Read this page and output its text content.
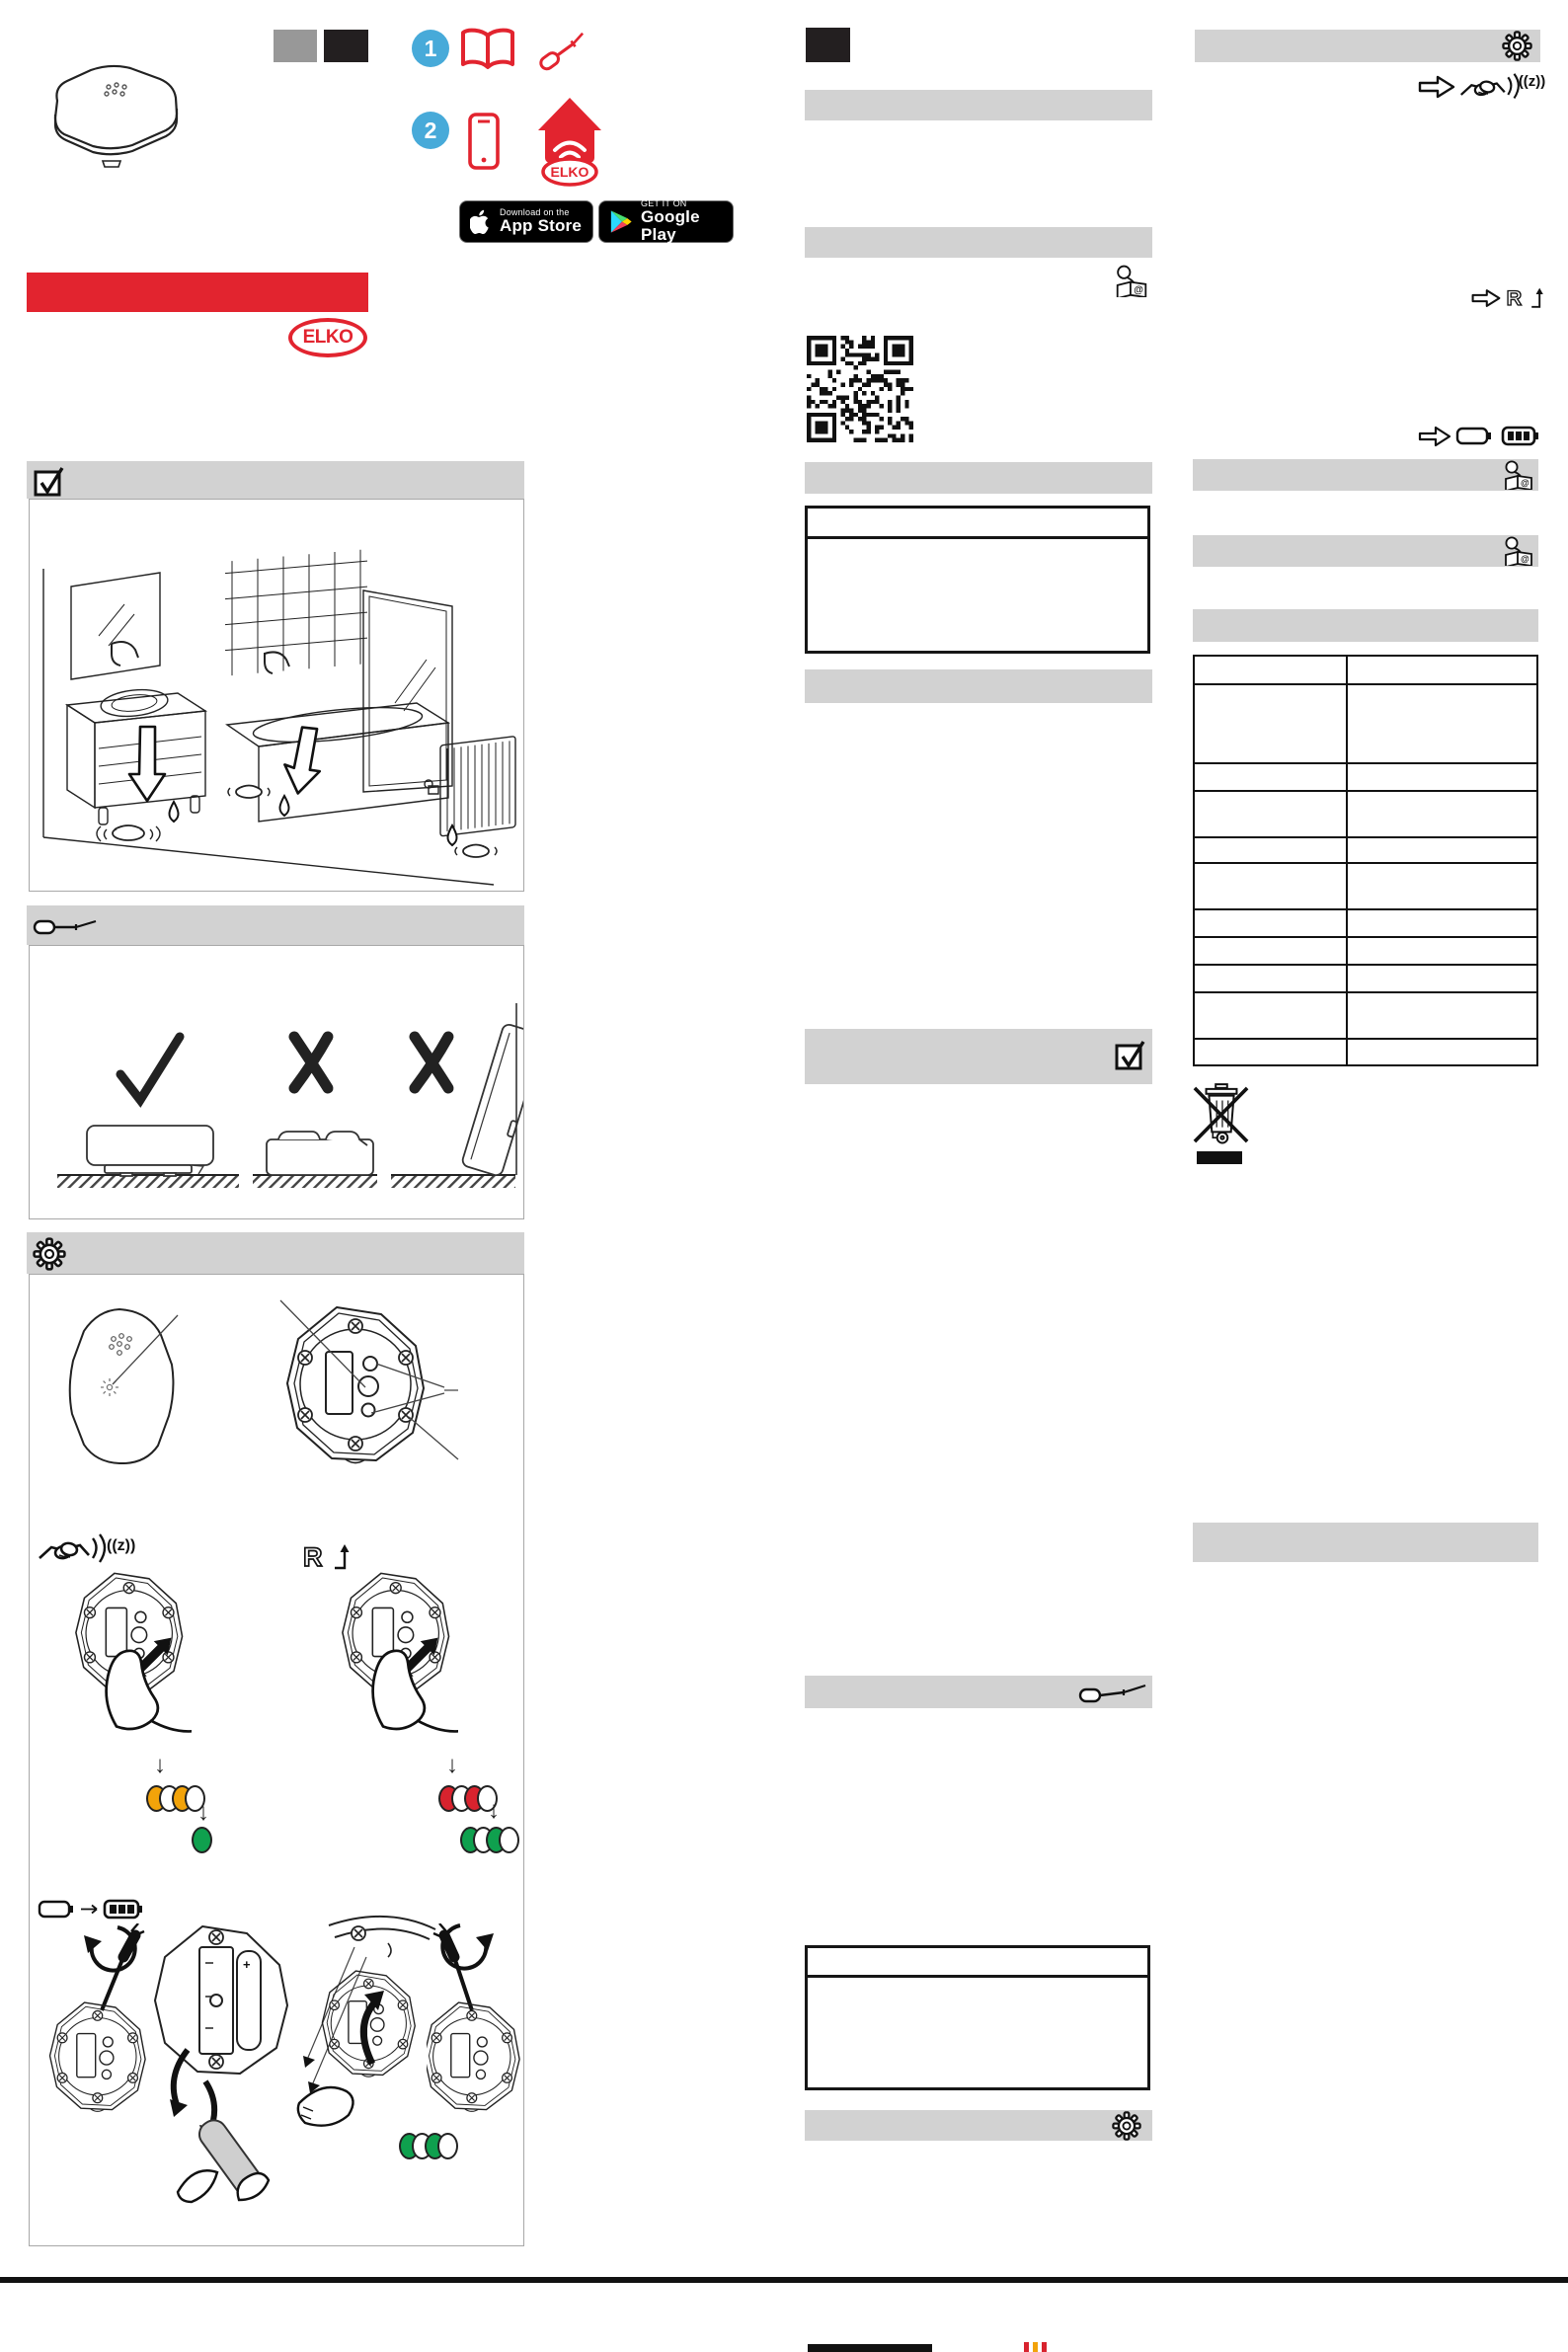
1
2
ELKO
Download on the
App Store
GET IT ON
Google Play
ELKO
((z))
↓
↓
R
↓
↓
+
@
((z))
R
@
@
